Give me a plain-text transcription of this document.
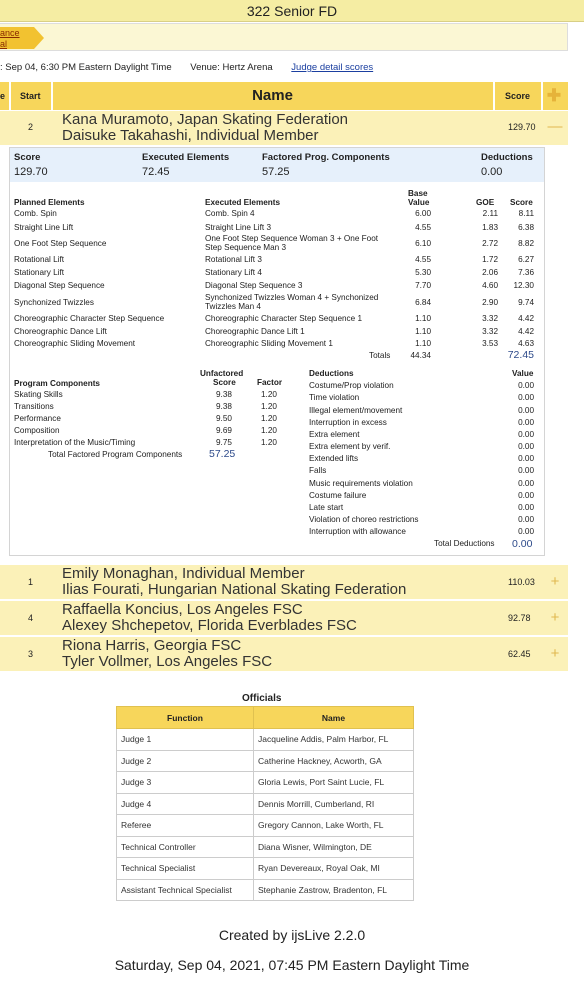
322 Senior FD
ance
al
: Sep 04, 6:30 PM Eastern Daylight Time Venue: Hertz Arena Judge detail scores
e Start	Name	Score ✚
2 Kana Muramoto, Japan Skating Federation
Daisuke Takahashi, Individual Member	129.70 —
Score	Executed Elements	Factored Prog. Components	Deductions
129.70	72.45	57.25	0.00
Planned Elements	Executed Elements
Base
Value	GOE Score
Comb. Spin	Comb. Spin 4	6.00	2.11	8.11
Straight Line Lift	Straight Line Lift 3	4.55	1.83	6.38
One Foot Step Sequence
One Foot Step Sequence Woman 3 + One Foot
Step Sequence Man 3	6.10	2.72	8.82
Rotational Lift	Rotational Lift 3	4.55	1.72	6.27
Stationary Lift	Stationary Lift 4	5.30	2.06	7.36
Diagonal Step Sequence	Diagonal Step Sequence 3	7.70	4.60	12.30
Synchonized Twizzles
Synchonized Twizzles Woman 4 + Synchonized
Twizzles Man 4	6.84	2.90	9.74
Choreographic Character Step Sequence	Choreographic Character Step Sequence 1	1.10	3.32	4.42
Choreographic Dance Lift	Choreographic Dance Lift 1	1.10	3.32	4.42
Choreographic Sliding Movement	Choreographic Sliding Movement 1	1.10	3.53	4.63
Totals	44.34	72.45
Program Components
Unfactored
Score	Factor
Skating Skills	9.38	1.20
Transitions	9.38	1.20
Performance	9.50	1.20
Composition	9.69	1.20
Interpretation of the Music/Timing	9.75	1.20
Total Factored Program Components	57.25
Deductions	Value
Costume/Prop violation	0.00
Time violation	0.00
Illegal element/movement	0.00
Interruption in excess	0.00
Extra element	0.00
Extra element by verif.	0.00
Extended lifts	0.00
Falls	0.00
Music requirements violation	0.00
Costume failure	0.00
Late start	0.00
Violation of choreo restrictions	0.00
Interruption with allowance	0.00
Total Deductions 0.00
1 Emily Monaghan, Individual Member
Ilias Fourati, Hungarian National Skating Federation	110.03	+
4 Raffaella Koncius, Los Angeles FSC
Alexey Shchepetov, Florida Everblades FSC	92.78	+
3 Riona Harris, Georgia FSC
Tyler Vollmer, Los Angeles FSC	62.45	+
Officials
Function	Name
Judge 1	Jacqueline Addis, Palm Harbor, FL
Judge 2	Catherine Hackney, Acworth, GA
Judge 3	Gloria Lewis, Port Saint Lucie, FL
Judge 4	Dennis Morrill, Cumberland, RI
Referee	Gregory Cannon, Lake Worth, FL
Technical Controller	Diana Wisner, Wilmington, DE
Technical Specialist	Ryan Devereaux, Royal Oak, MI
Assistant Technical Specialist	Stephanie Zastrow, Bradenton, FL
Created by ijsLive 2.2.0
Saturday, Sep 04, 2021, 07:45 PM Eastern Daylight Time
